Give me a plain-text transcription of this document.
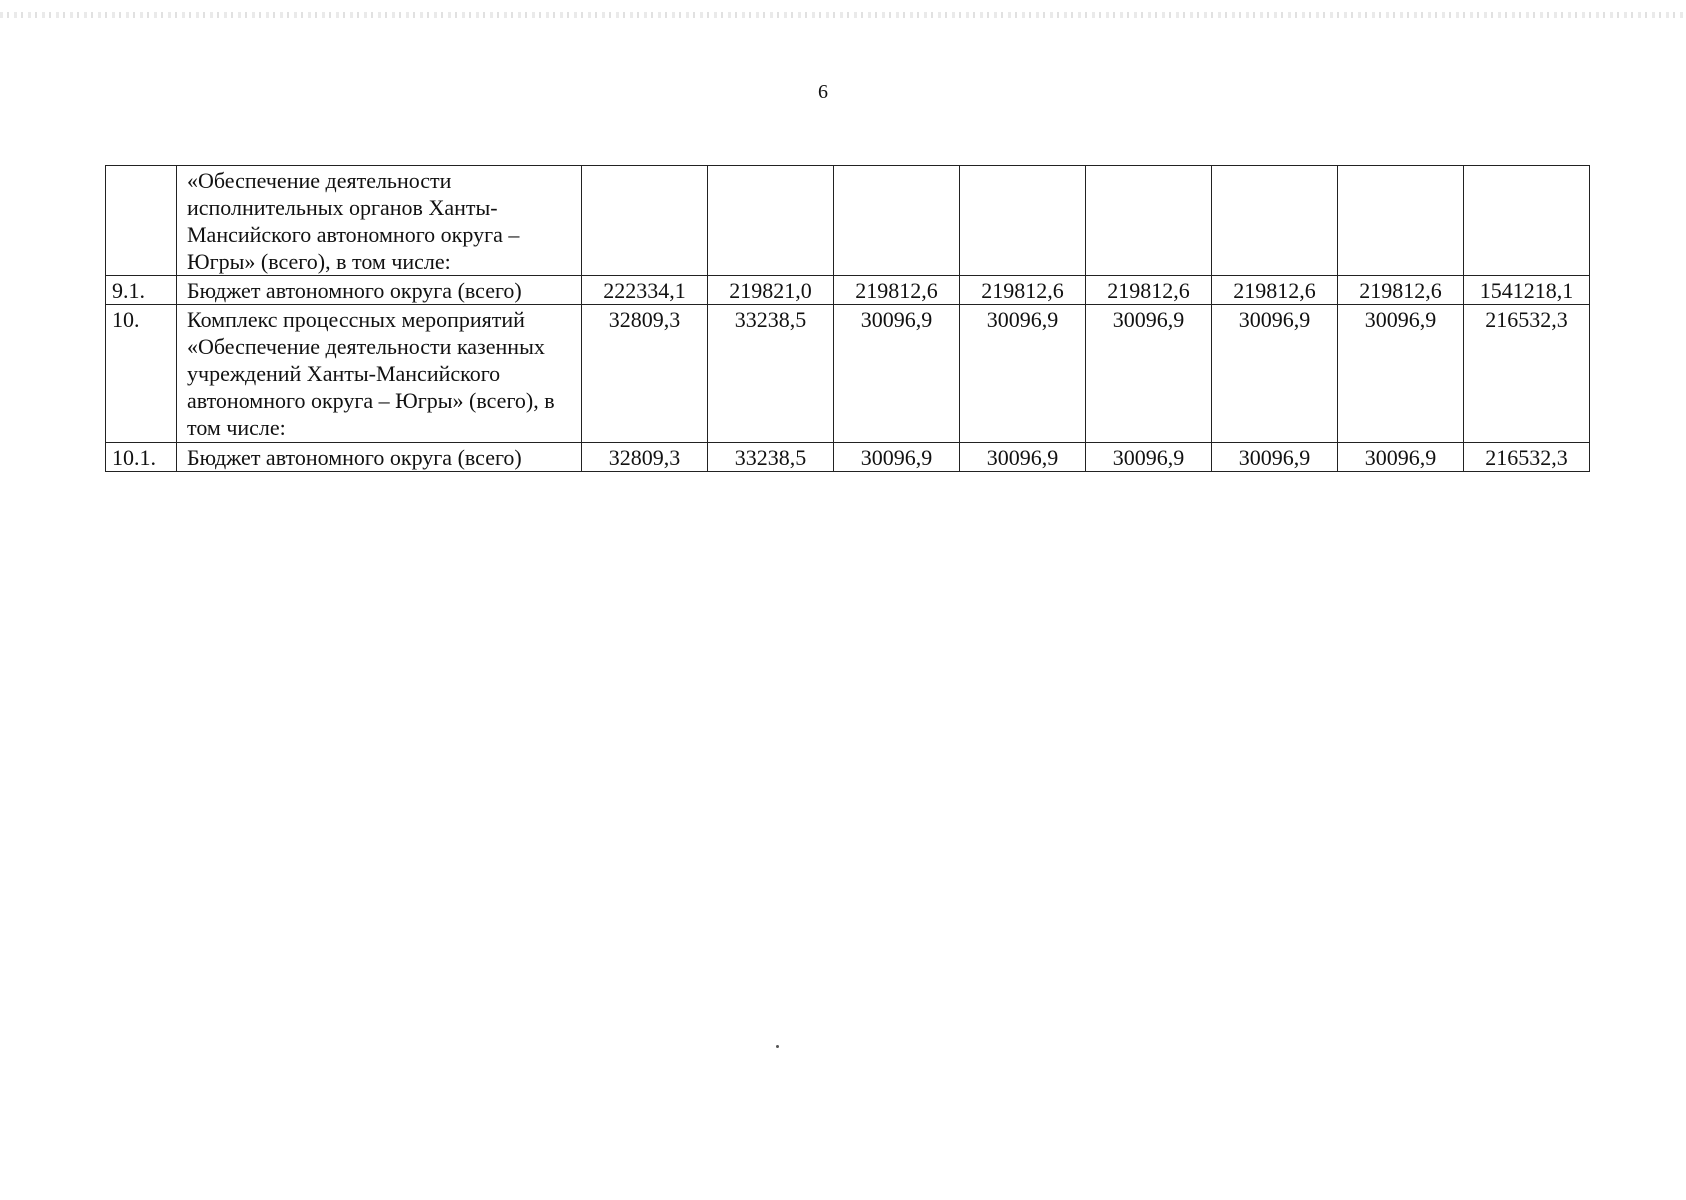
6
	«Обеспечение деятельности исполнительных органов Ханты-Мансийского автономного округа – Югры» (всего), в том числе:								
9.1.	Бюджет автономного округа (всего)	222334,1	219821,0	219812,6	219812,6	219812,6	219812,6	219812,6	1541218,1
10.	Комплекс процессных мероприятий «Обеспечение деятельности казенных учреждений Ханты-Мансийского автономного округа – Югры» (всего), в том числе:	32809,3	33238,5	30096,9	30096,9	30096,9	30096,9	30096,9	216532,3
10.1.	Бюджет автономного округа (всего)	32809,3	33238,5	30096,9	30096,9	30096,9	30096,9	30096,9	216532,3
